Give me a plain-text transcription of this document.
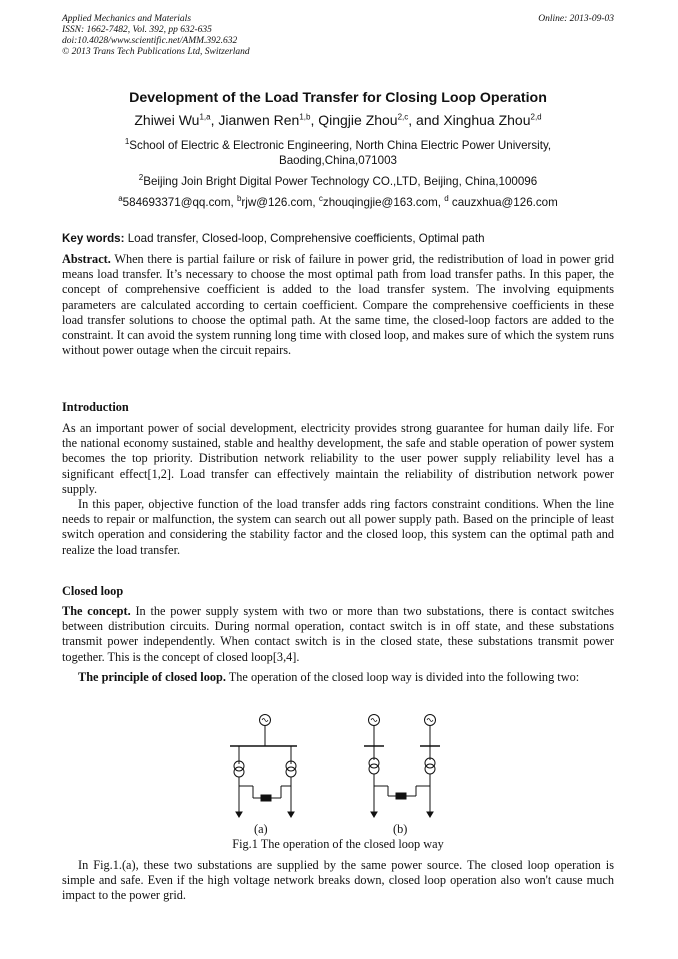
Applied Mechanics and Materials
ISSN: 1662-7482, Vol. 392, pp 632-635
doi:10.4028/www.scientific.net/AMM.392.632
© 2013 Trans Tech Publications Ltd, Switzerland
Online: 2013-09-03
Development of the Load Transfer for Closing Loop Operation
Zhiwei Wu$^{1,a}$, Jianwen Ren$^{1,b}$, Qingjie Zhou$^{2,c}$, and Xinghua Zhou$^{2,d}$
$^1$School of Electric & Electronic Engineering, North China Electric Power University,
Baoding,China,071003
$^2$Beijing Join Bright Digital Power Technology CO.,LTD, Beijing, China,100096
$^a$584693371@qq.com, $^b$rjw@126.com, $^c$zhouqingjie@163.com, $^d$ cauzxhua@126.com
Key words: Load transfer, Closed-loop, Comprehensive coefficients, Optimal path
Abstract. When there is partial failure or risk of failure in power grid, the redistribution of load in power grid means load transfer. It’s necessary to choose the most optimal path from load transfer paths. In this paper, the concept of comprehensive coefficient is added to the load transfer system. The involving equipments parameters are calculated according to certain coefficient. Compare the comprehensive coefficients in these load transfer solutions to choose the optimal path. At the same time, the closed-loop factors are added to the constraint. It can avoid the system running long time with closed loop, and makes sure of which the system runs without power outage when the circuit repairs.
Introduction
As an important power of social development, electricity provides strong guarantee for human daily life. For the national economy sustained, stable and healthy development, the safe and stable operation of power system becomes the top priority. Distribution network reliability to the user power supply reliability level has a significant effect[1,2]. Load transfer can effectively maintain the reliability of distribution network power supply.
In this paper, objective function of the load transfer adds ring factors constraint conditions. When the line needs to repair or malfunction, the system can search out all power supply path. Based on the principle of least switch operation and considering the stability factor and the closed loop, this system can the optimal path and realize the load transfer.
Closed loop
The concept. In the power supply system with two or more than two substations, there is contact switches between distribution circuits. During normal operation, contact switch is in off state, and these substations transmit power independently. When contact switch is in the closed state, these substations transmit power together. This is the concept of closed loop[3,4].
The principle of closed loop. The operation of the closed loop way is divided into the following two:
(a)	(b)
Fig.1 The operation of the closed loop way
In Fig.1.(a), these two substations are supplied by the same power source. The closed loop operation is simple and safe. Even if the high voltage network breaks down, closed loop operation also won't cause much impact to the power grid.
